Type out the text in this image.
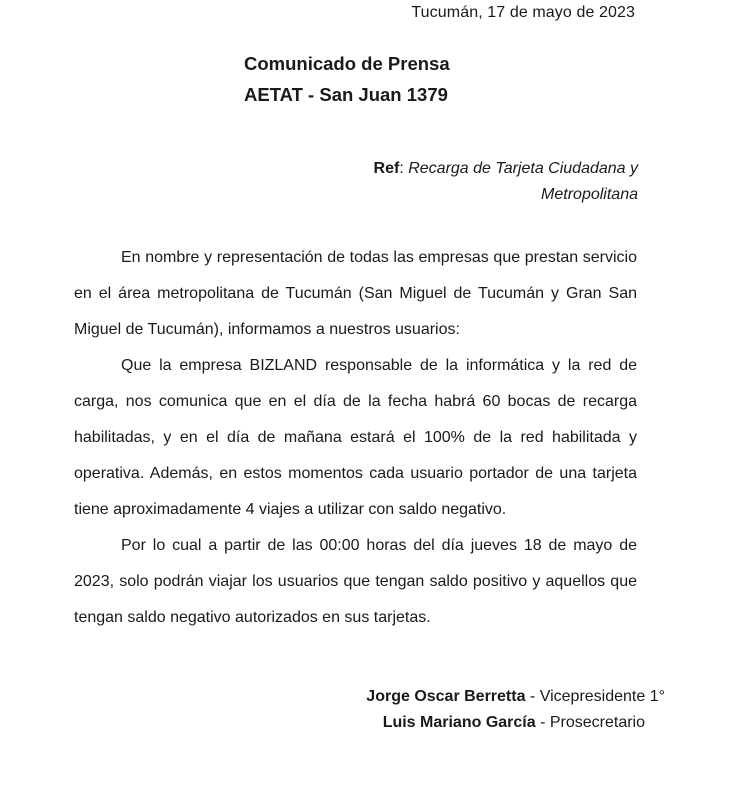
Tucumán, 17 de mayo de 2023
Comunicado de Prensa
AETAT - San Juan 1379
Ref: Recarga de Tarjeta Ciudadana y Metropolitana

En nombre y representación de todas las empresas que prestan servicio en el área metropolitana de Tucumán (San Miguel de Tucumán y Gran San Miguel de Tucumán), informamos a nuestros usuarios:

Que la empresa BIZLAND responsable de la informática y la red de carga, nos comunica que en el día de la fecha habrá 60 bocas de recarga habilitadas, y en el día de mañana estará el 100% de la red habilitada y operativa. Además, en estos momentos cada usuario portador de una tarjeta tiene aproximadamente 4 viajes a utilizar con saldo negativo.

Por lo cual a partir de las 00:00 horas del día jueves 18 de mayo de 2023, solo podrán viajar los usuarios que tengan saldo positivo y aquellos que tengan saldo negativo autorizados en sus tarjetas.

Jorge Oscar Berretta - Vicepresidente 1°
Luis Mariano García - Prosecretario
